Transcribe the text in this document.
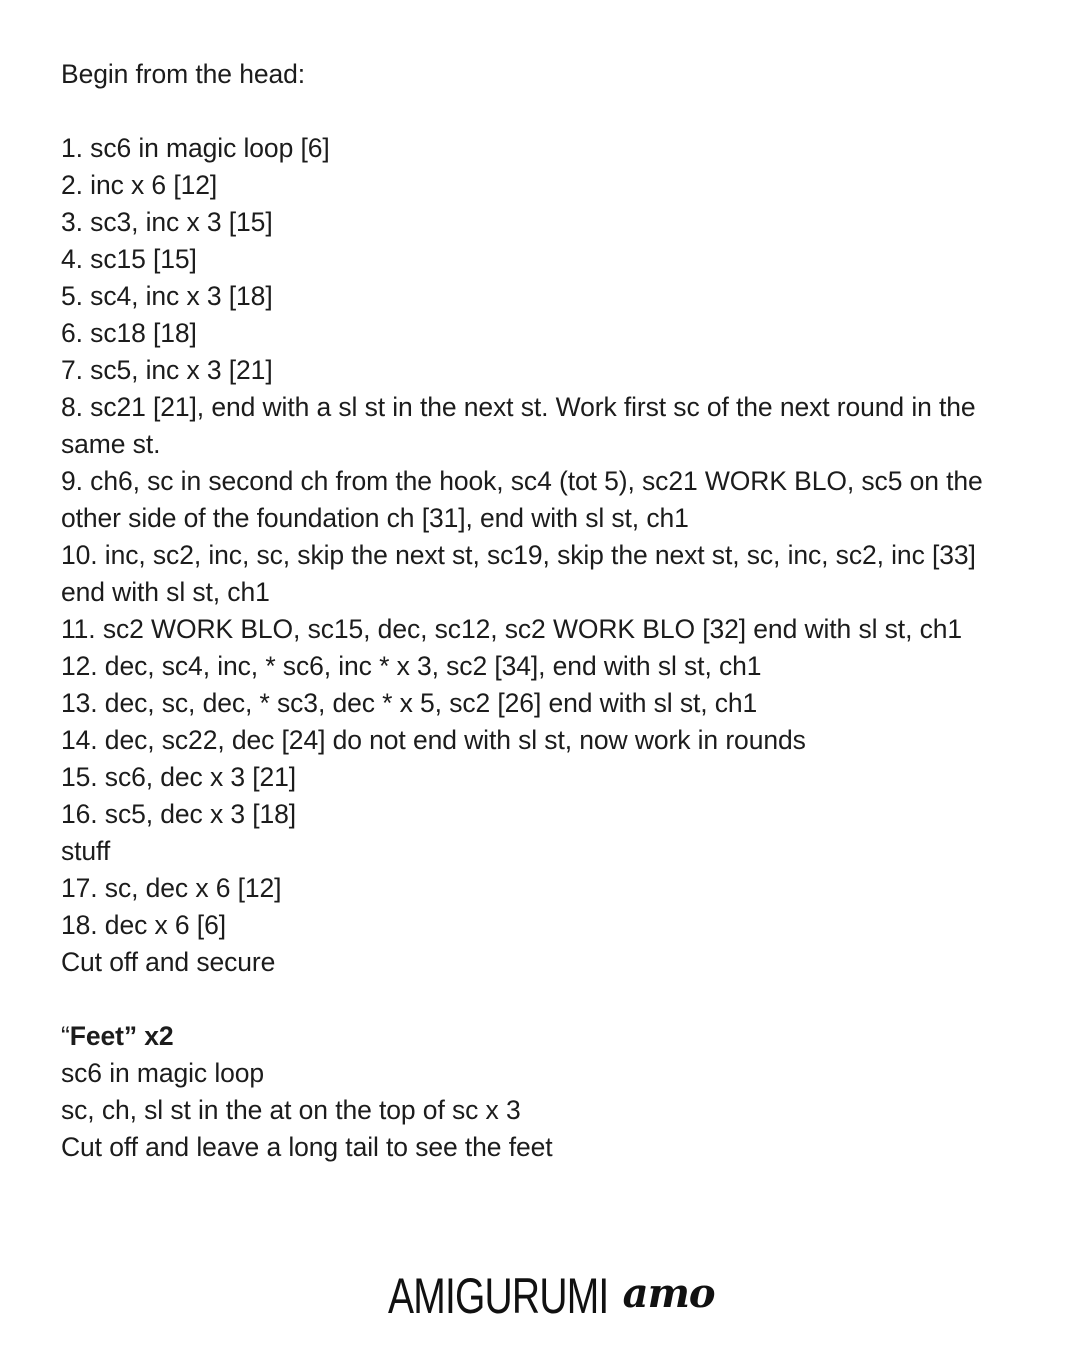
Begin from the head:
1. sc6 in magic loop [6]
2. inc x 6 [12]
3. sc3, inc x 3 [15]
4. sc15 [15]
5. sc4, inc x 3 [18]
6. sc18 [18]
7. sc5, inc x 3 [21]
8. sc21 [21], end with a sl st in the next st. Work first sc of the next round in the same st.
9. ch6, sc in second ch from the hook, sc4 (tot 5), sc21 WORK BLO, sc5 on the other side of the foundation ch [31], end with sl st, ch1
10. inc, sc2, inc, sc, skip the next st, sc19, skip the next st, sc, inc, sc2, inc [33] end with sl st, ch1
11. sc2 WORK BLO, sc15, dec, sc12, sc2 WORK BLO [32] end with sl st, ch1
12. dec, sc4, inc, * sc6, inc * x 3, sc2 [34], end with sl st, ch1
13. dec, sc, dec, * sc3, dec * x 5, sc2 [26] end with sl st, ch1
14. dec, sc22, dec [24] do not end with sl st, now work in rounds
15. sc6, dec x 3 [21]
16. sc5, dec x 3 [18]
stuff
17. sc, dec x 6 [12]
18. dec x 6 [6]
Cut off and secure
“Feet” x2
sc6 in magic loop
sc, ch, sl st in the at on the top of sc x 3
Cut off and leave a long tail to see the feet
AMIGURUMI amo
